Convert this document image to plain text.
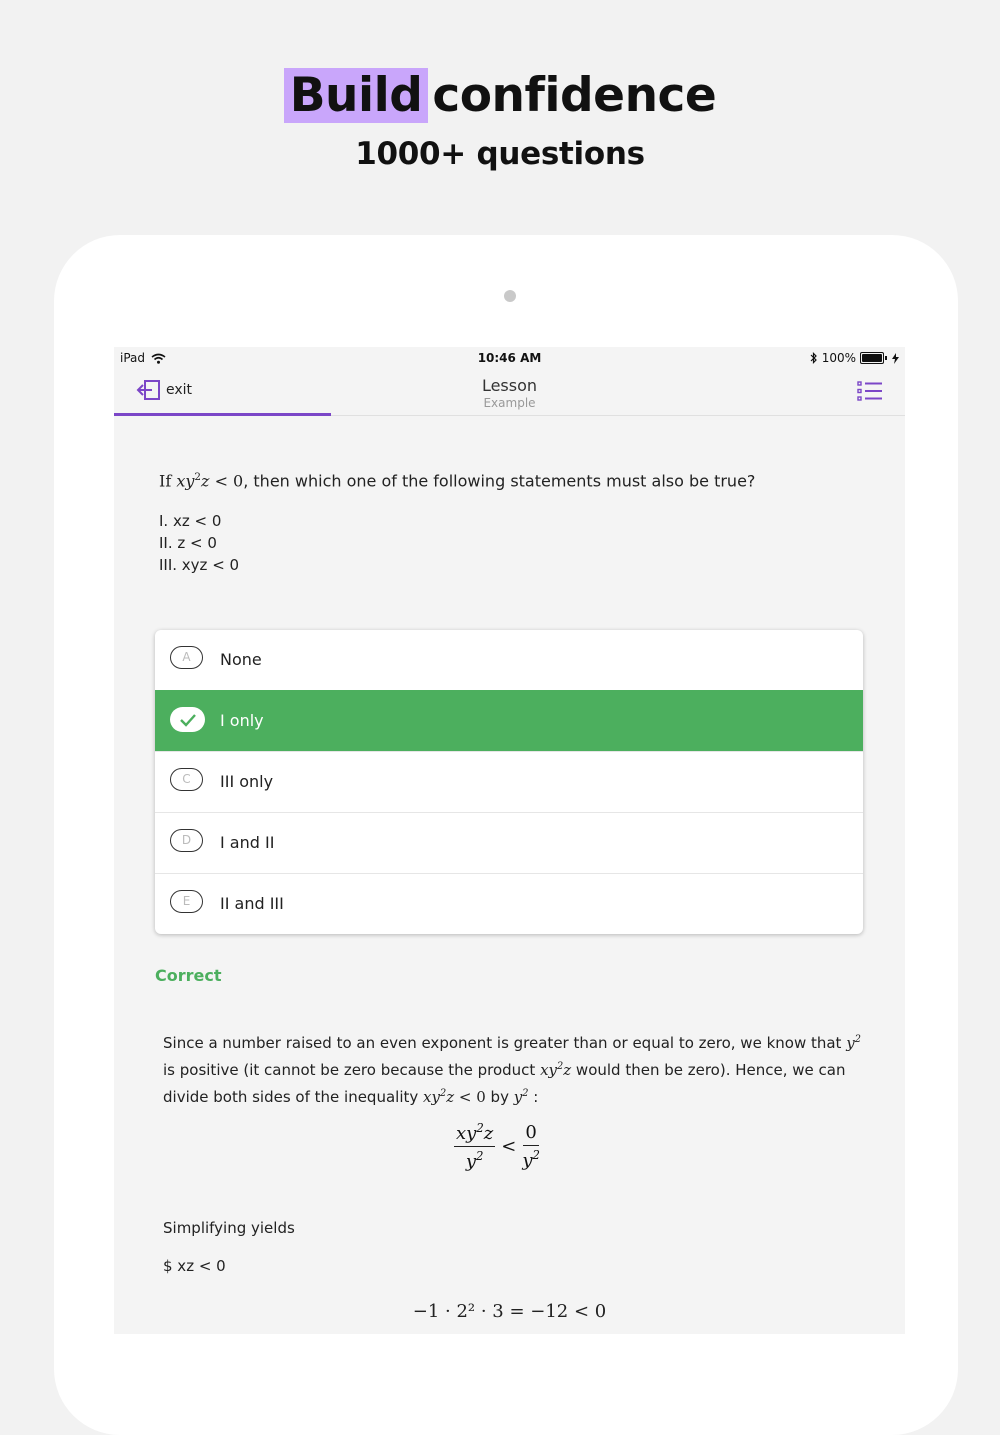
Build confidence
1000+ questions
iPad	10:46 AM	100%
exit	Lesson
Example
If $xy^2z < 0$, then which one of the following statements must also be true?
I. xz < 0
II. z < 0
III. xyz < 0
A	None
I only
C	III only
D	I and II
E	II and III
Correct
Since a number raised to an even exponent is greater than or equal to zero, we know that $y^2$ is positive (it cannot be zero because the product $xy^2z$ would then be zero). Hence, we can divide both sides of the inequality $xy^2z < 0$ by $y^2$ :
$\frac{xy^2z}{y^2} < \frac{0}{y^2}$
Simplifying yields
$ xz < 0
−1 · 2² · 3 = −12 < 0
